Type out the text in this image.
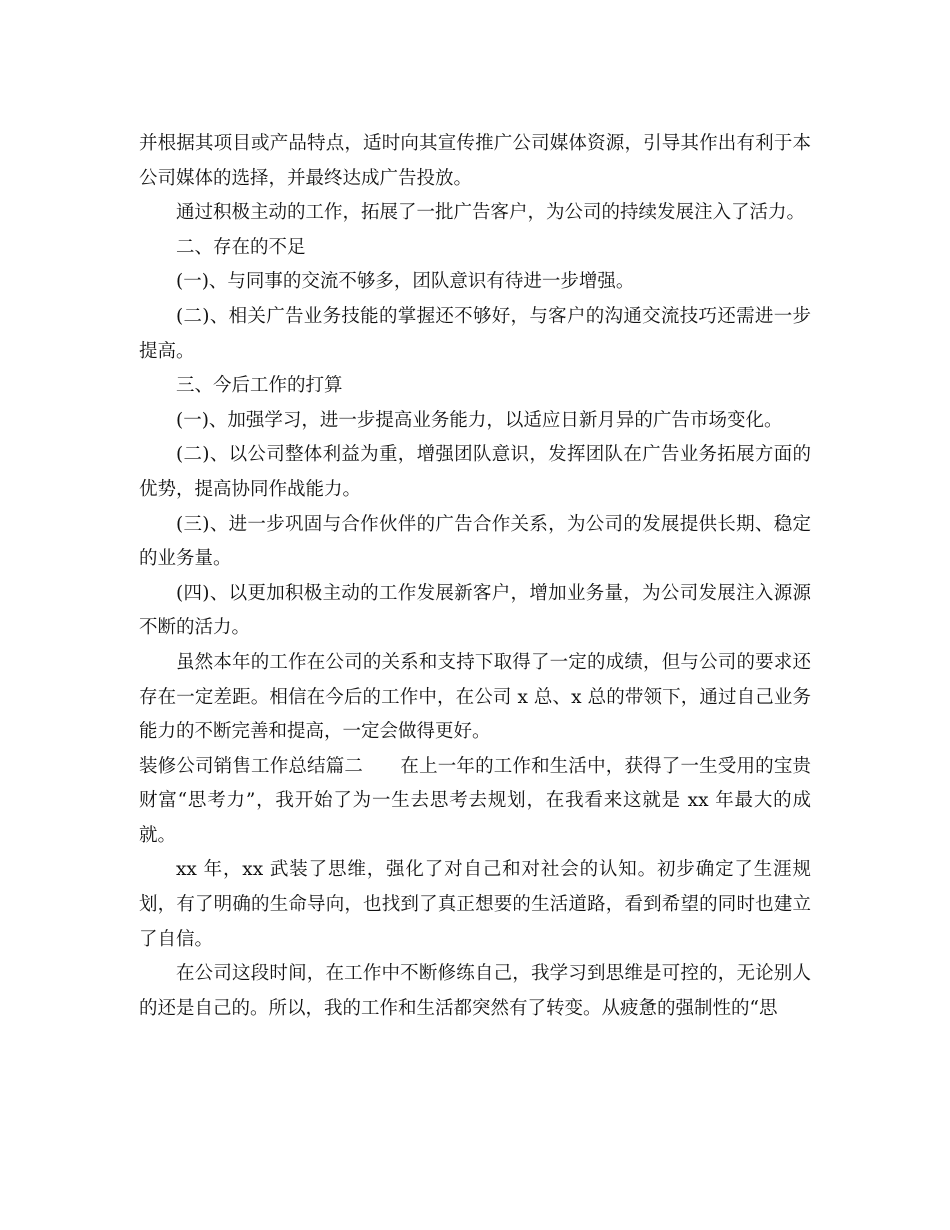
并根据其项目或产品特点，适时向其宣传推广公司媒体资源，引导其作出有利于本公司媒体的选择，并最终达成广告投放。

通过积极主动的工作，拓展了一批广告客户，为公司的持续发展注入了活力。

二、存在的不足

(一)、与同事的交流不够多，团队意识有待进一步增强。

(二)、相关广告业务技能的掌握还不够好，与客户的沟通交流技巧还需进一步提高。

三、今后工作的打算

(一)、加强学习，进一步提高业务能力，以适应日新月异的广告市场变化。

(二)、以公司整体利益为重，增强团队意识，发挥团队在广告业务拓展方面的优势，提高协同作战能力。

(三)、进一步巩固与合作伙伴的广告合作关系，为公司的发展提供长期、稳定的业务量。

(四)、以更加积极主动的工作发展新客户，增加业务量，为公司发展注入源源不断的活力。

虽然本年的工作在公司的关系和支持下取得了一定的成绩，但与公司的要求还存在一定差距。相信在今后的工作中，在公司 x 总、x 总的带领下，通过自己业务能力的不断完善和提高，一定会做得更好。

装修公司销售工作总结篇二　　在上一年的工作和生活中，获得了一生受用的宝贵财富“思考力”，我开始了为一生去思考去规划，在我看来这就是 xx 年最大的成就。

xx 年，xx 武装了思维，强化了对自己和对社会的认知。初步确定了生涯规划，有了明确的生命导向，也找到了真正想要的生活道路，看到希望的同时也建立了自信。

在公司这段时间，在工作中不断修练自己，我学习到思维是可控的，无论别人的还是自己的。所以，我的工作和生活都突然有了转变。从疲惫的强制性的“思
